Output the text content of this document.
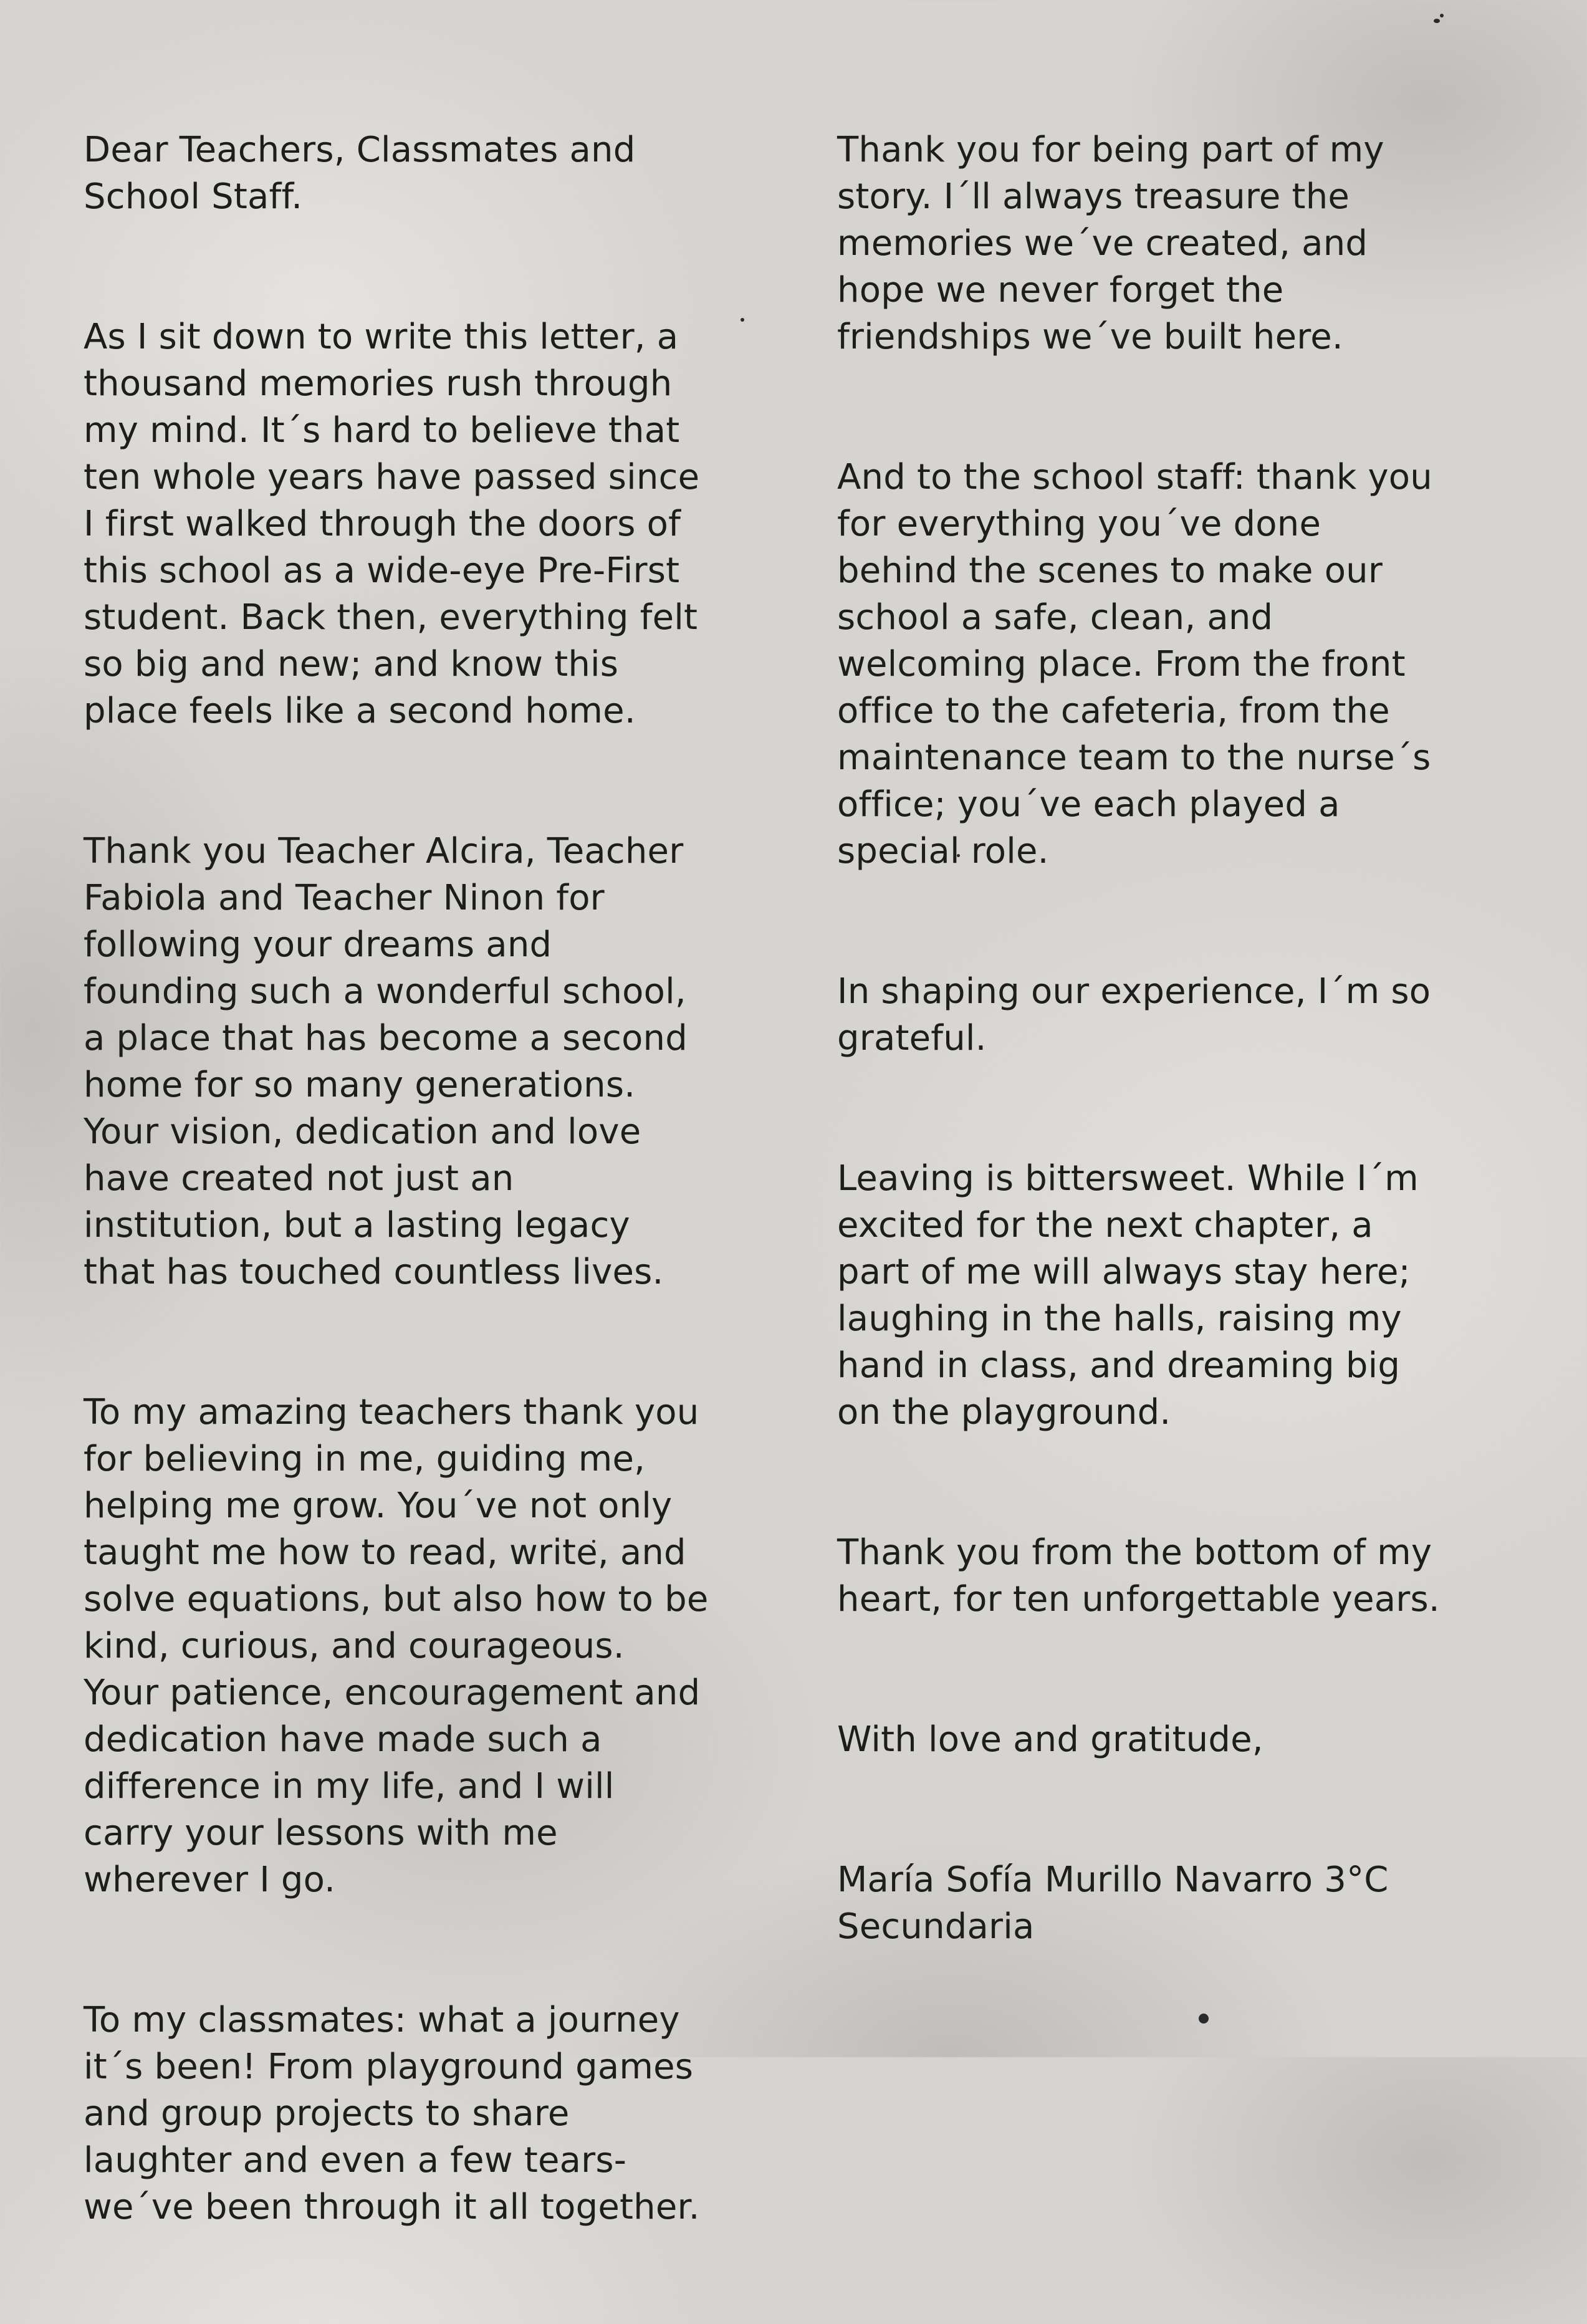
Dear Teachers, Classmates and
School Staff.

As I sit down to write this letter, a
thousand memories rush through
my mind. It´s hard to believe that
ten whole years have passed since
I first walked through the doors of
this school as a wide-eye Pre-First
student. Back then, everything felt
so big and new; and know this
place feels like a second home.

Thank you Teacher Alcira, Teacher
Fabiola and Teacher Ninon for
following your dreams and
founding such a wonderful school,
a place that has become a second
home for so many generations.
Your vision, dedication and love
have created not just an
institution, but a lasting legacy
that has touched countless lives.

To my amazing teachers thank you
for believing in me, guiding me,
helping me grow. You´ve not only
taught me how to read, write, and
solve equations, but also how to be
kind, curious, and courageous.
Your patience, encouragement and
dedication have made such a
difference in my life, and I will
carry your lessons with me
wherever I go.

To my classmates: what a journey
it´s been! From playground games
and group projects to share
laughter and even a few tears-
we´ve been through it all together.

Thank you for being part of my
story. I´ll always treasure the
memories we´ve created, and
hope we never forget the
friendships we´ve built here.

And to the school staff: thank you
for everything you´ve done
behind the scenes to make our
school a safe, clean, and
welcoming place. From the front
office to the cafeteria, from the
maintenance team to the nurse´s
office; you´ve each played a
special role.

In shaping our experience, I´m so
grateful.

Leaving is bittersweet. While I´m
excited for the next chapter, a
part of me will always stay here;
laughing in the halls, raising my
hand in class, and dreaming big
on the playground.

Thank you from the bottom of my
heart, for ten unforgettable years.

With love and gratitude,

María Sofía Murillo Navarro 3°C
Secundaria
